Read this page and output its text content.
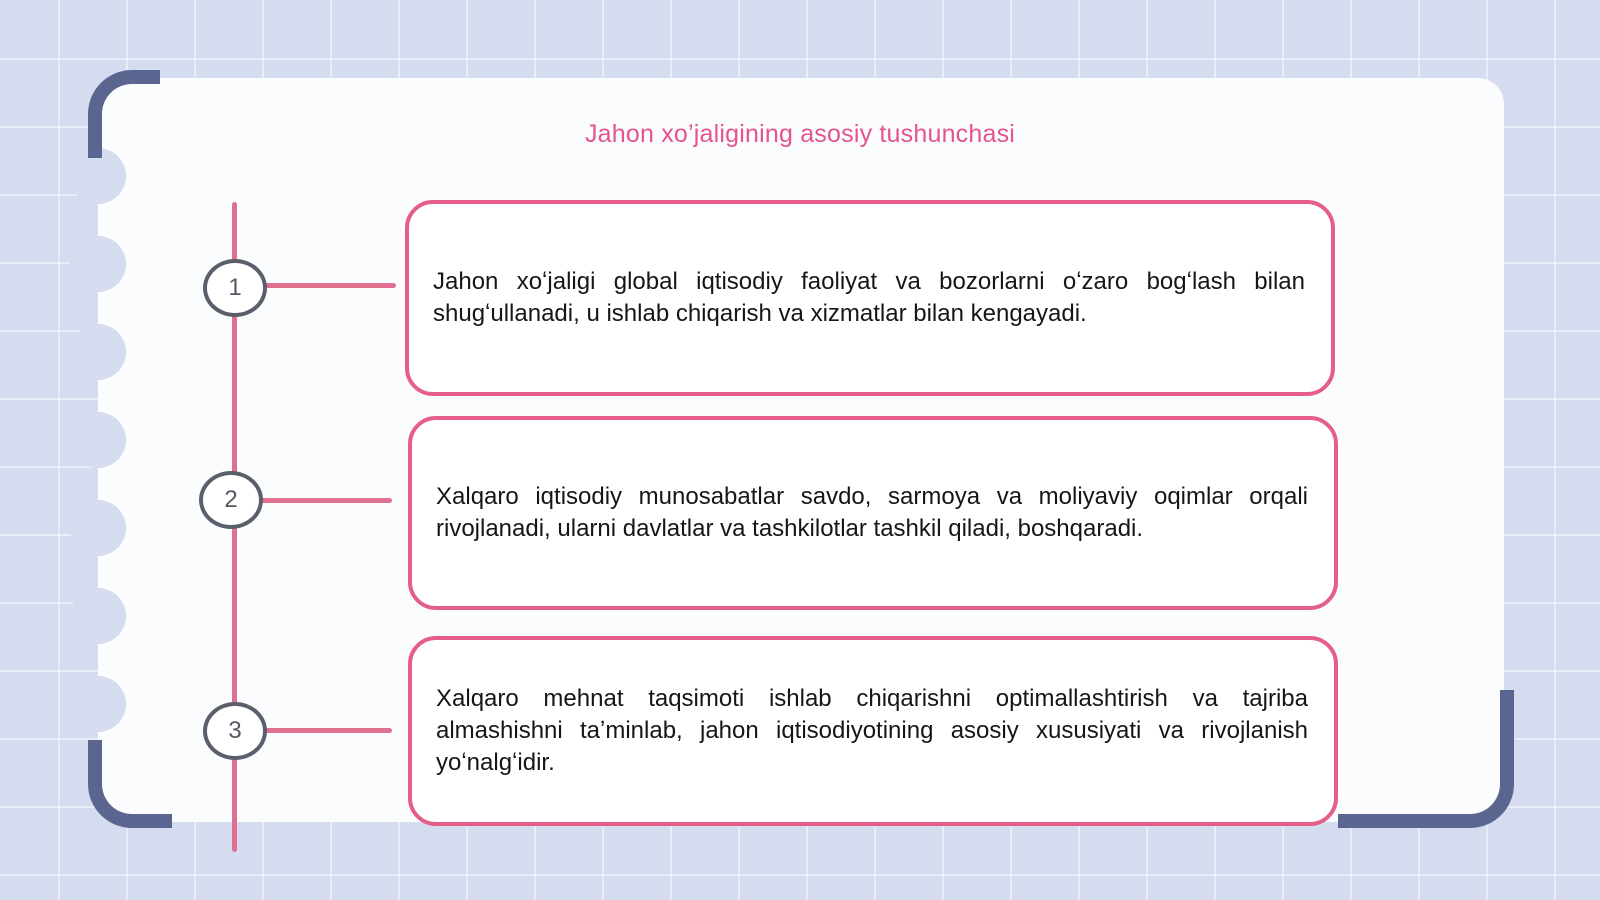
Jahon xo’jaligining asosiy tushunchasi
1
2
3
Jahon xoʻjaligi global iqtisodiy faoliyat va bozorlarni oʻzaro bogʻlash bilan shugʻullanadi, u ishlab chiqarish va xizmatlar bilan kengayadi.
Xalqaro iqtisodiy munosabatlar savdo, sarmoya va moliyaviy oqimlar orqali rivojlanadi, ularni davlatlar va tashkilotlar tashkil qiladi, boshqaradi.
Xalqaro mehnat taqsimoti ishlab chiqarishni optimallashtirish va tajriba almashishni taʼminlab, jahon iqtisodiyotining asosiy xususiyati va rivojlanish yoʻnalgʻidir.
